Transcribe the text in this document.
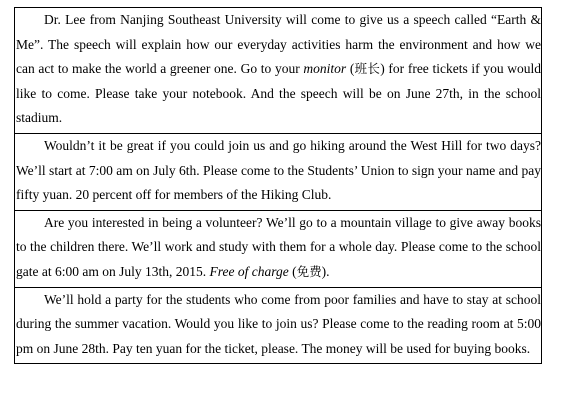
Dr. Lee from Nanjing Southeast University will come to give us a speech called “Earth & Me”. The speech will explain how our everyday activities harm the environment and how we can act to make the world a greener one. Go to your monitor (班长) for free tickets if you would like to come. Please take your notebook. And the speech will be on June 27th, in the school stadium.

Wouldn’t it be great if you could join us and go hiking around the West Hill for two days? We’ll start at 7:00 am on July 6th. Please come to the Students’ Union to sign your name and pay fifty yuan. 20 percent off for members of the Hiking Club.

Are you interested in being a volunteer? We’ll go to a mountain village to give away books to the children there. We’ll work and study with them for a whole day. Please come to the school gate at 6:00 am on July 13th, 2015. Free of charge (免费).

We’ll hold a party for the students who come from poor families and have to stay at school during the summer vacation. Would you like to join us? Please come to the reading room at 5:00 pm on June 28th. Pay ten yuan for the ticket, please. The money will be used for buying books.
